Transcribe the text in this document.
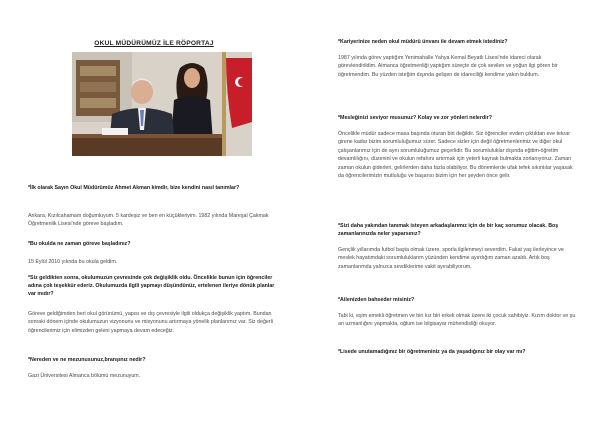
OKUL MÜDÜRÜMÜZ İLE RÖPORTAJ
*İlk olarak Sayın Okul Müdürümüz Ahmet Akman kimdir, bize kendini nasıl tanımlar?
Ankara, Kızılcahamam doğumluyum. 5 kardeşiz ve ben en küçükleriyim. 1982 yılında Mareşal Çakmak Öğretmenlik Lisesi'nde göreve başladım.
*Bu okulda ne zaman göreve başladınız?
15 Eylül 2010 yılında bu okula geldim.
*Siz geldikten sonra, okulumuzun çevresinde çok değişiklik oldu. Öncelikle bunun için öğrenciler adına çok teşekkür ederiz. Okulumuzda ilgili yapmayı düşündünüz, ertelenen ileriye dönük planlar var mıdır?
Göreve geldiğimden beri okul görünümü, yapısı ve dış çevresiyle ilgili oldukça değişiklik yaptım. Bundan sonraki dönem içinde okulumuzun vizyonunu ve misyonunu artırmaya yönelik planlarımız var. Siz değerli öğrencilerimiz için elimizden geleni yapmaya devam edeceğiz.
*Nereden ve ne mezunusunuz,branşınız nedir?
Gazi Üniversitesi Almanca bölümü mezunuyum.
*Kariyerinize neden okul müdürü ünvanı ile devam etmek istediniz?
1987 yılında görev yaptığım Yenimahalle Yahya Kemal Beyatlı Lisesi'nde idareci olarak görevlendirildim. Almanca öğretmenliği yaptığım süreçte de çok sevilen ve yoğun ilgi gören bir öğretmendim. Bu yüzden isteğim dışında gelişen de idareciliği kendime yakın buldum.
*Mesleğinizi seviyor musunuz? Kolay ve zor yönleri nelerdir?
Öncelikle müdür sadece masa başında oturan biri değildir. Siz öğrenciler evden çıktıktan eve tekrar girene kadar bizim sorumluluğumuz sürer. Sadece sizler için değil öğretmenlerimiz ve diğer okul çalışanlarımız için de aynı sorumluluğumuz geçerlidir. Bu sorumluluklar dışında eğitim-öğretim devamlılığını, düzenini ve okulun refahını artırmak için yeterli kaynak bulmakta zorlanıyoruz. Zaman zaman okulun giderleri, gelirlerden daha fazla olabiliyor. Bu dönemlerde ufak tefek sıkıntılar yaşasak da öğrencilerimizin mutluluğu ve başarısı bizim için her şeyden önce gelir.
*Sizi daha yakından tanımak isteyen arkadaşlarımız için de bir kaç sorumuz olacak. Boş zamanlarınızda neler yaparsınız?
Gençlik yıllarımda futbol başta olmak üzere, sporla ilgilenmeyi severdim. Fakat yaş ilerleyince ve meslek hayatımdaki sorumluluklarım yüzünden kendime ayırdığım zaman azaldı. Artık boş zamanlarımda yalnızca sevdiklerime vakit ayırabiliyorum.
*Ailenizden bahseder misiniz?
Tabi ki, eşim emekli öğretmen ve biri kız biri erkek olmak üzere iki çocuk sahibiyiz. Kızım doktor ve şu an uzmanlığını yapmakta, oğlum ise bilgisayar mühendisliği okuyor.
*Lisede unutamadığınız bir öğretmeniniz ya da yaşadığınız bir olay var mı?
